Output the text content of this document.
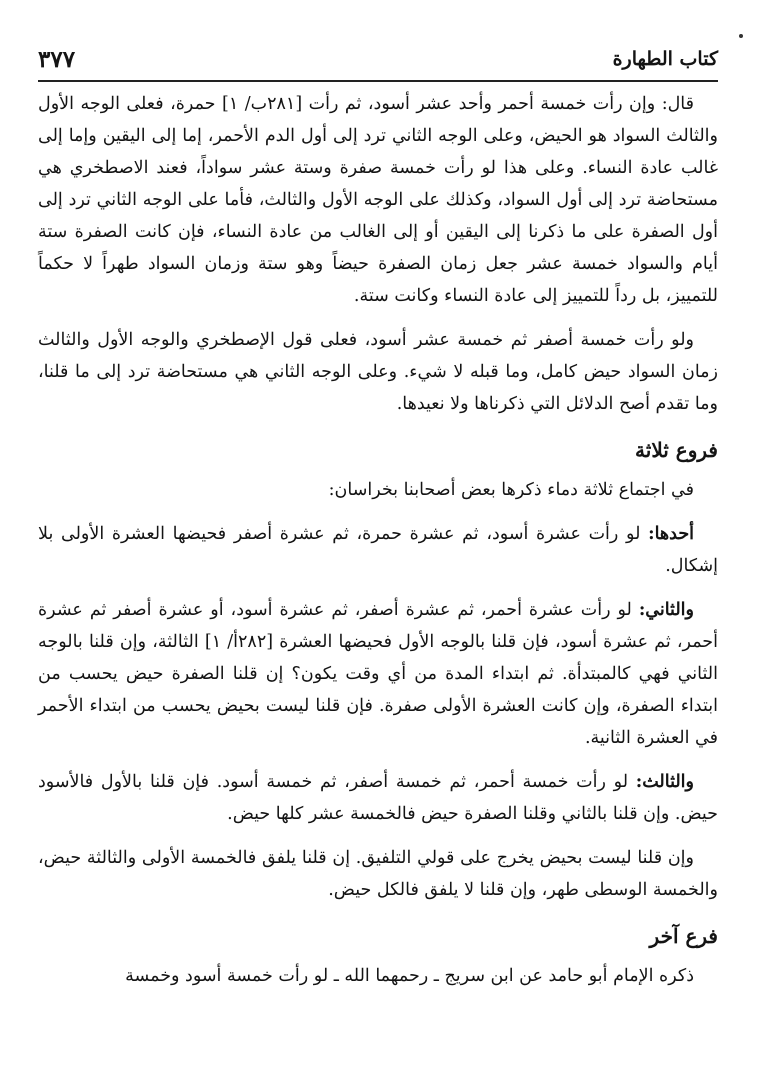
كتاب الطهارة
٣٧٧

قال: وإن رأت خمسة أحمر وأحد عشر أسود، ثم رأت [٢٨١ب/ ١] حمرة، فعلى الوجه الأول والثالث السواد هو الحيض، وعلى الوجه الثاني ترد إلى أول الدم الأحمر، إما إلى اليقين وإما إلى غالب عادة النساء. وعلى هذا لو رأت خمسة صفرة وستة عشر سواداً، فعند الاصطخري هي مستحاضة ترد إلى أول السواد، وكذلك على الوجه الأول والثالث، فأما على الوجه الثاني ترد إلى أول الصفرة على ما ذكرنا إلى اليقين أو إلى الغالب من عادة النساء، فإن كانت الصفرة ستة أيام والسواد خمسة عشر جعل زمان الصفرة حيضاً وهو ستة وزمان السواد طهراً لا حكماً للتمييز، بل رداً للتمييز إلى عادة النساء وكانت ستة.

ولو رأت خمسة أصفر ثم خمسة عشر أسود، فعلى قول الإصطخري والوجه الأول والثالث زمان السواد حيض كامل، وما قبله لا شيء. وعلى الوجه الثاني هي مستحاضة ترد إلى ما قلنا، وما تقدم أصح الدلائل التي ذكرناها ولا نعيدها.

فروع ثلاثة

في اجتماع ثلاثة دماء ذكرها بعض أصحابنا بخراسان:

أحدها: لو رأت عشرة أسود، ثم عشرة حمرة، ثم عشرة أصفر فحيضها العشرة الأولى بلا إشكال.

والثاني: لو رأت عشرة أحمر، ثم عشرة أصفر، ثم عشرة أسود، أو عشرة أصفر ثم عشرة أحمر، ثم عشرة أسود، فإن قلنا بالوجه الأول فحيضها العشرة [٢٨٢أ/ ١] الثالثة، وإن قلنا بالوجه الثاني فهي كالمبتدأة. ثم ابتداء المدة من أي وقت يكون؟ إن قلنا الصفرة حيض يحسب من ابتداء الصفرة، وإن كانت العشرة الأولى صفرة. فإن قلنا ليست بحيض يحسب من ابتداء الأحمر في العشرة الثانية.

والثالث: لو رأت خمسة أحمر، ثم خمسة أصفر، ثم خمسة أسود. فإن قلنا بالأول فالأسود حيض. وإن قلنا بالثاني وقلنا الصفرة حيض فالخمسة عشر كلها حيض.

وإن قلنا ليست بحيض يخرج على قولي التلفيق. إن قلنا يلفق فالخمسة الأولى والثالثة حيض، والخمسة الوسطى طهر، وإن قلنا لا يلفق فالكل حيض.

فرع آخر

ذكره الإمام أبو حامد عن ابن سريج ـ رحمهما الله ـ لو رأت خمسة أسود وخمسة
